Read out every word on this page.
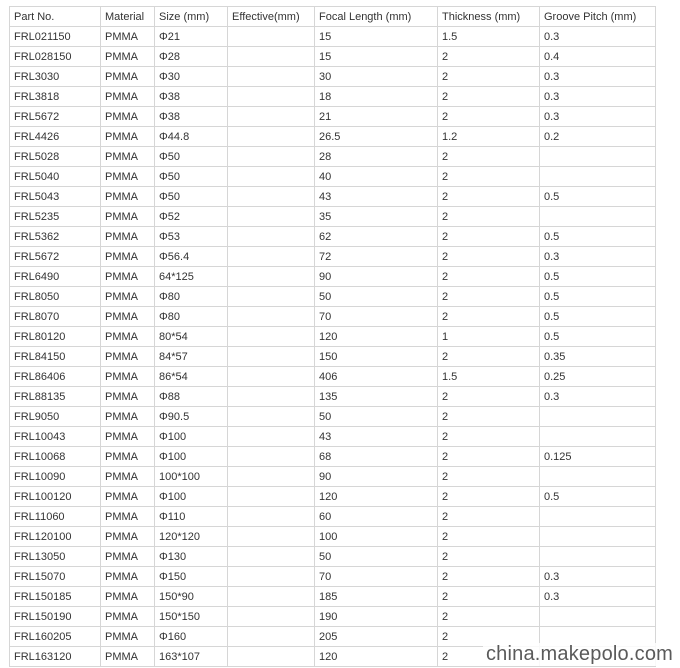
Part No.	Material	Size (mm)	Effective(mm)	Focal Length (mm)	Thickness (mm)	Groove Pitch (mm)
FRL021150	PMMA	Φ21		15	1.5	0.3
FRL028150	PMMA	Φ28		15	2	0.4
FRL3030	PMMA	Φ30		30	2	0.3
FRL3818	PMMA	Φ38		18	2	0.3
FRL5672	PMMA	Φ38		21	2	0.3
FRL4426	PMMA	Φ44.8		26.5	1.2	0.2
FRL5028	PMMA	Φ50		28	2	
FRL5040	PMMA	Φ50		40	2	
FRL5043	PMMA	Φ50		43	2	0.5
FRL5235	PMMA	Φ52		35	2	
FRL5362	PMMA	Φ53		62	2	0.5
FRL5672	PMMA	Φ56.4		72	2	0.3
FRL6490	PMMA	64*125		90	2	0.5
FRL8050	PMMA	Φ80		50	2	0.5
FRL8070	PMMA	Φ80		70	2	0.5
FRL80120	PMMA	80*54		120	1	0.5
FRL84150	PMMA	84*57		150	2	0.35
FRL86406	PMMA	86*54		406	1.5	0.25
FRL88135	PMMA	Φ88		135	2	0.3
FRL9050	PMMA	Φ90.5		50	2	
FRL10043	PMMA	Φ100		43	2	
FRL10068	PMMA	Φ100		68	2	0.125
FRL10090	PMMA	100*100		90	2	
FRL100120	PMMA	Φ100		120	2	0.5
FRL11060	PMMA	Φ110		60	2	
FRL120100	PMMA	120*120		100	2	
FRL13050	PMMA	Φ130		50	2	
FRL15070	PMMA	Φ150		70	2	0.3
FRL150185	PMMA	150*90		185	2	0.3
FRL150190	PMMA	150*150		190	2	
FRL160205	PMMA	Φ160		205	2	
FRL163120	PMMA	163*107		120	2	china.makepolo.com
